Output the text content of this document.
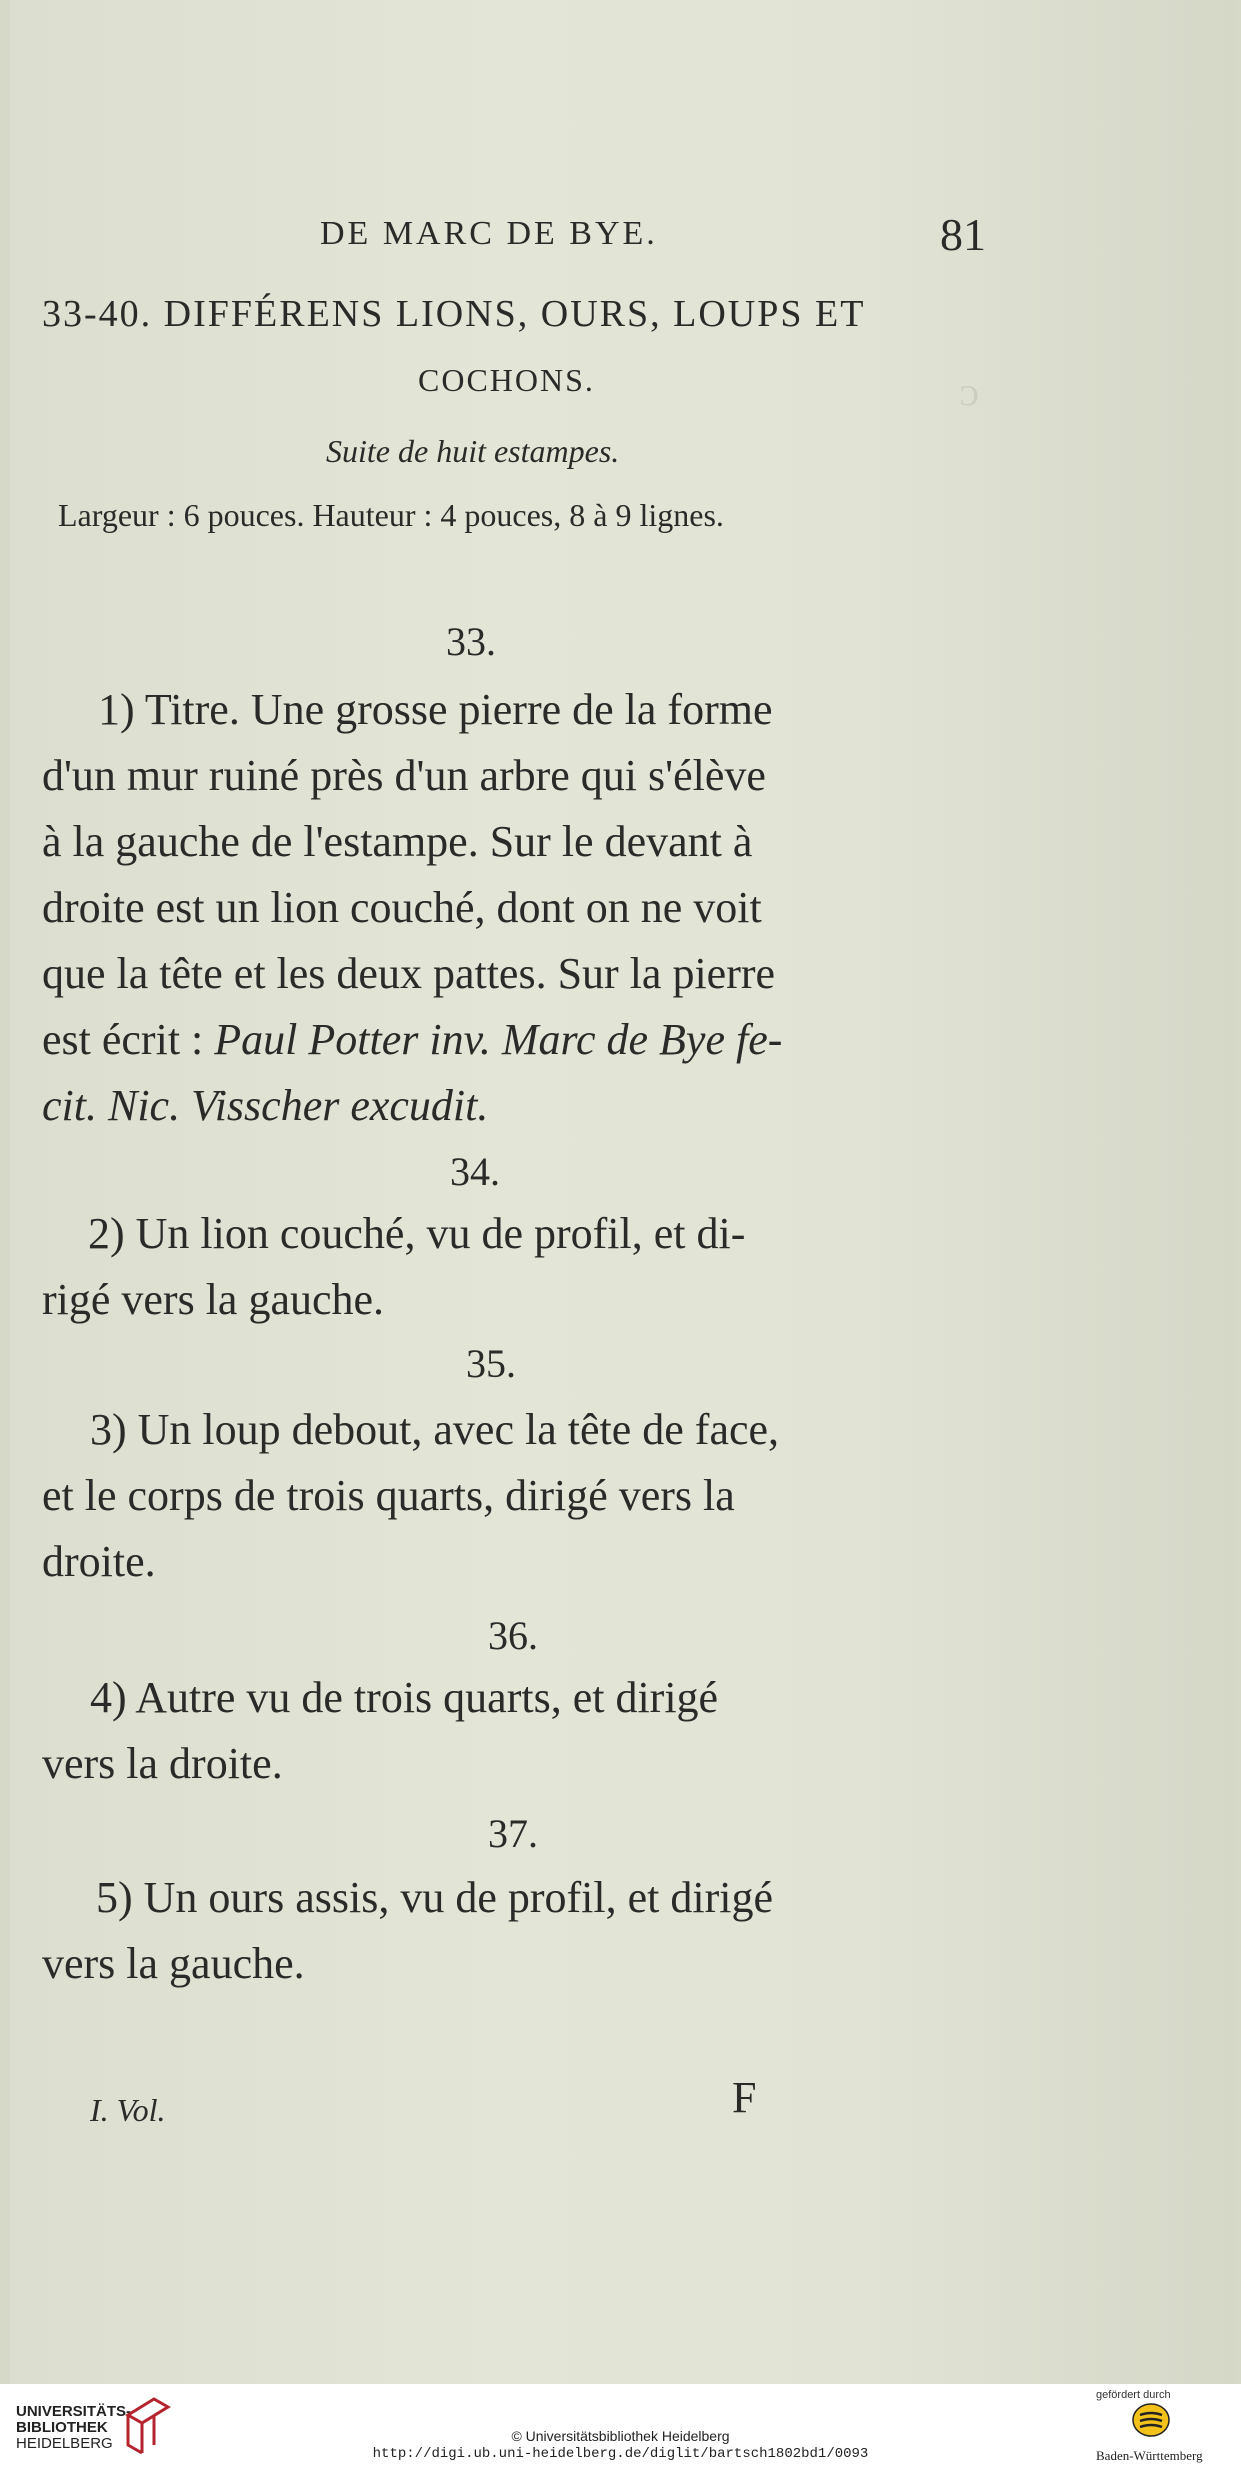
ᴐ
DE MARC DE BYE.	81
33-40. DIFFÉRENS LIONS, OURS, LOUPS ET
COCHONS.
Suite de huit estampes.
Largeur : 6 pouces. Hauteur : 4 pouces, 8 à 9 lignes.
33.
1) Titre. Une grosse pierre de la forme
d'un mur ruiné près d'un arbre qui s'élève
à la gauche de l'estampe. Sur le devant à
droite est un lion couché, dont on ne voit
que la tête et les deux pattes. Sur la pierre
est écrit : Paul Potter inv. Marc de Bye fe-
cit. Nic. Visscher excudit.
34.
2) Un lion couché, vu de profil, et di-
rigé vers la gauche.
35.
3) Un loup debout, avec la tête de face,
et le corps de trois quarts, dirigé vers la
droite.
36.
4) Autre vu de trois quarts, et dirigé
vers la droite.
37.
5) Un ours assis, vu de profil, et dirigé
vers la gauche.
I. Vol.	F
UNIVERSITÄTS-
BIBLIOTHEK
HEIDELBERG	© Universitätsbibliothek Heidelberg
http://digi.ub.uni-heidelberg.de/diglit/bartsch1802bd1/0093
gefördert durch
Baden-Württemberg
